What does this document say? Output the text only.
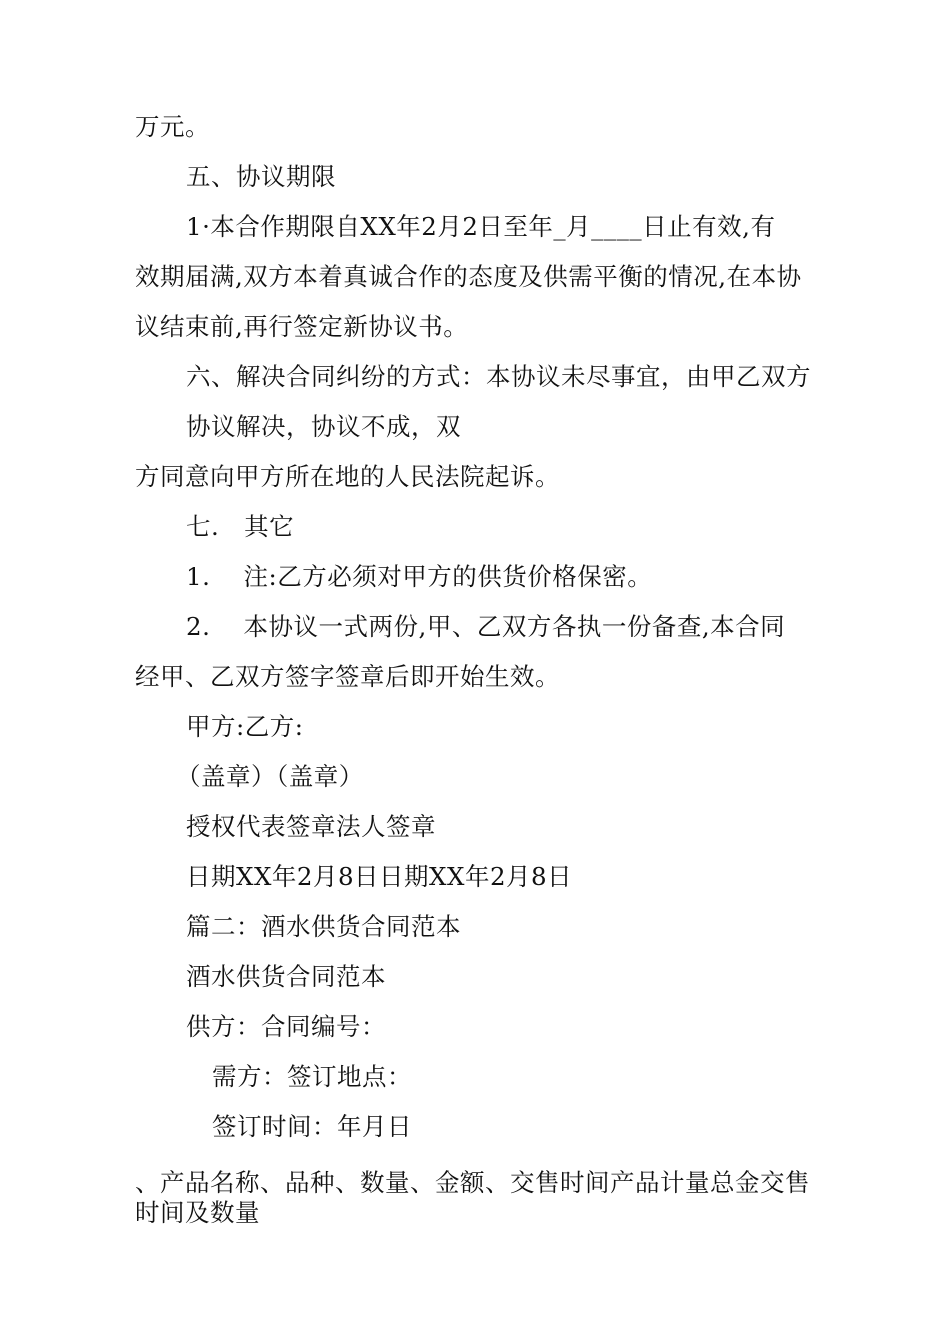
万元。
五、协议期限
1·本合作期限自XX年2月2日至年_月____日止有效,有
效期届满,双方本着真诚合作的态度及供需平衡的情况,在本协
议结束前,再行签定新协议书。
六、解决合同纠纷的方式：本协议未尽事宜，由甲乙双方
协议解决，协议不成，双
方同意向甲方所在地的人民法院起诉。
七.   其它
1.    注:乙方必须对甲方的供货价格保密。
2.    本协议一式两份,甲、乙双方各执一份备查,本合同
经甲、乙双方签字签章后即开始生效。
甲方:乙方:
（盖章）（盖章）
授权代表签章法人签章
日期XX年2月8日日期XX年2月8日
篇二：酒水供货合同范本
酒水供货合同范本
供方：合同编号：
需方：签订地点：
签订时间：年月日
、产品名称、品种、数量、金额、交售时间产品计量总金交售
时间及数量
